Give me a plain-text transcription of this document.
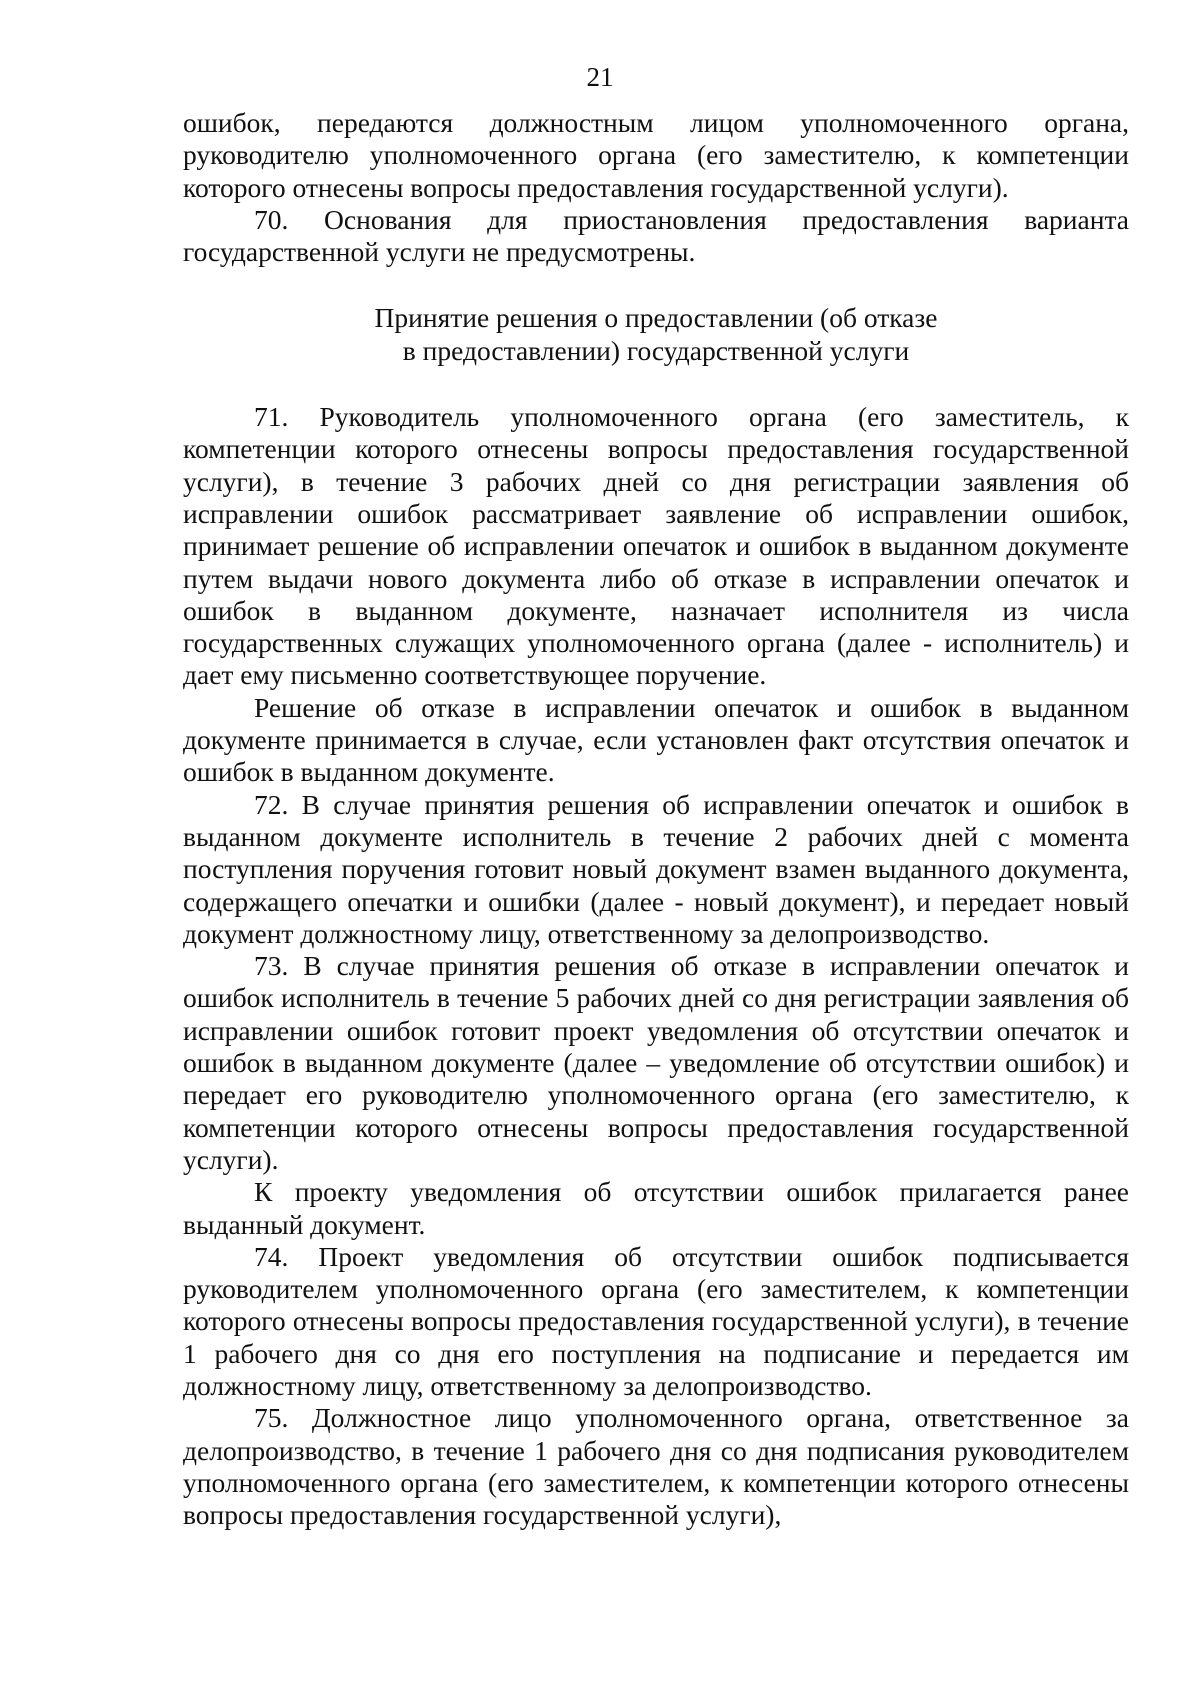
21

ошибок, передаются должностным лицом уполномоченного органа, руководителю уполномоченного органа (его заместителю, к компетенции которого отнесены вопросы предоставления государственной услуги).

70. Основания для приостановления предоставления варианта государственной услуги не предусмотрены.

Принятие решения о предоставлении (об отказе
в предоставлении) государственной услуги

71. Руководитель уполномоченного органа (его заместитель, к компетенции которого отнесены вопросы предоставления государственной услуги), в течение 3 рабочих дней со дня регистрации заявления об исправлении ошибок рассматривает заявление об исправлении ошибок, принимает решение об исправлении опечаток и ошибок в выданном документе путем выдачи нового документа либо об отказе в исправлении опечаток и ошибок в выданном документе, назначает исполнителя из числа государственных служащих уполномоченного органа (далее - исполнитель) и дает ему письменно соответствующее поручение.

Решение об отказе в исправлении опечаток и ошибок в выданном документе принимается в случае, если установлен факт отсутствия опечаток и ошибок в выданном документе.

72. В случае принятия решения об исправлении опечаток и ошибок в выданном документе исполнитель в течение 2 рабочих дней с момента поступления поручения готовит новый документ взамен выданного документа, содержащего опечатки и ошибки (далее - новый документ), и передает новый документ должностному лицу, ответственному за делопроизводство.

73. В случае принятия решения об отказе в исправлении опечаток и ошибок исполнитель в течение 5 рабочих дней со дня регистрации заявления об исправлении ошибок готовит проект уведомления об отсутствии опечаток и ошибок в выданном документе (далее – уведомление об отсутствии ошибок) и передает его руководителю уполномоченного органа (его заместителю, к компетенции которого отнесены вопросы предоставления государственной услуги).

К проекту уведомления об отсутствии ошибок прилагается ранее выданный документ.

74. Проект уведомления об отсутствии ошибок подписывается руководителем уполномоченного органа (его заместителем, к компетенции которого отнесены вопросы предоставления государственной услуги), в течение 1 рабочего дня со дня его поступления на подписание и передается им должностному лицу, ответственному за делопроизводство.

75. Должностное лицо уполномоченного органа, ответственное за делопроизводство, в течение 1 рабочего дня со дня подписания руководителем уполномоченного органа (его заместителем, к компетенции которого отнесены вопросы предоставления государственной услуги),
